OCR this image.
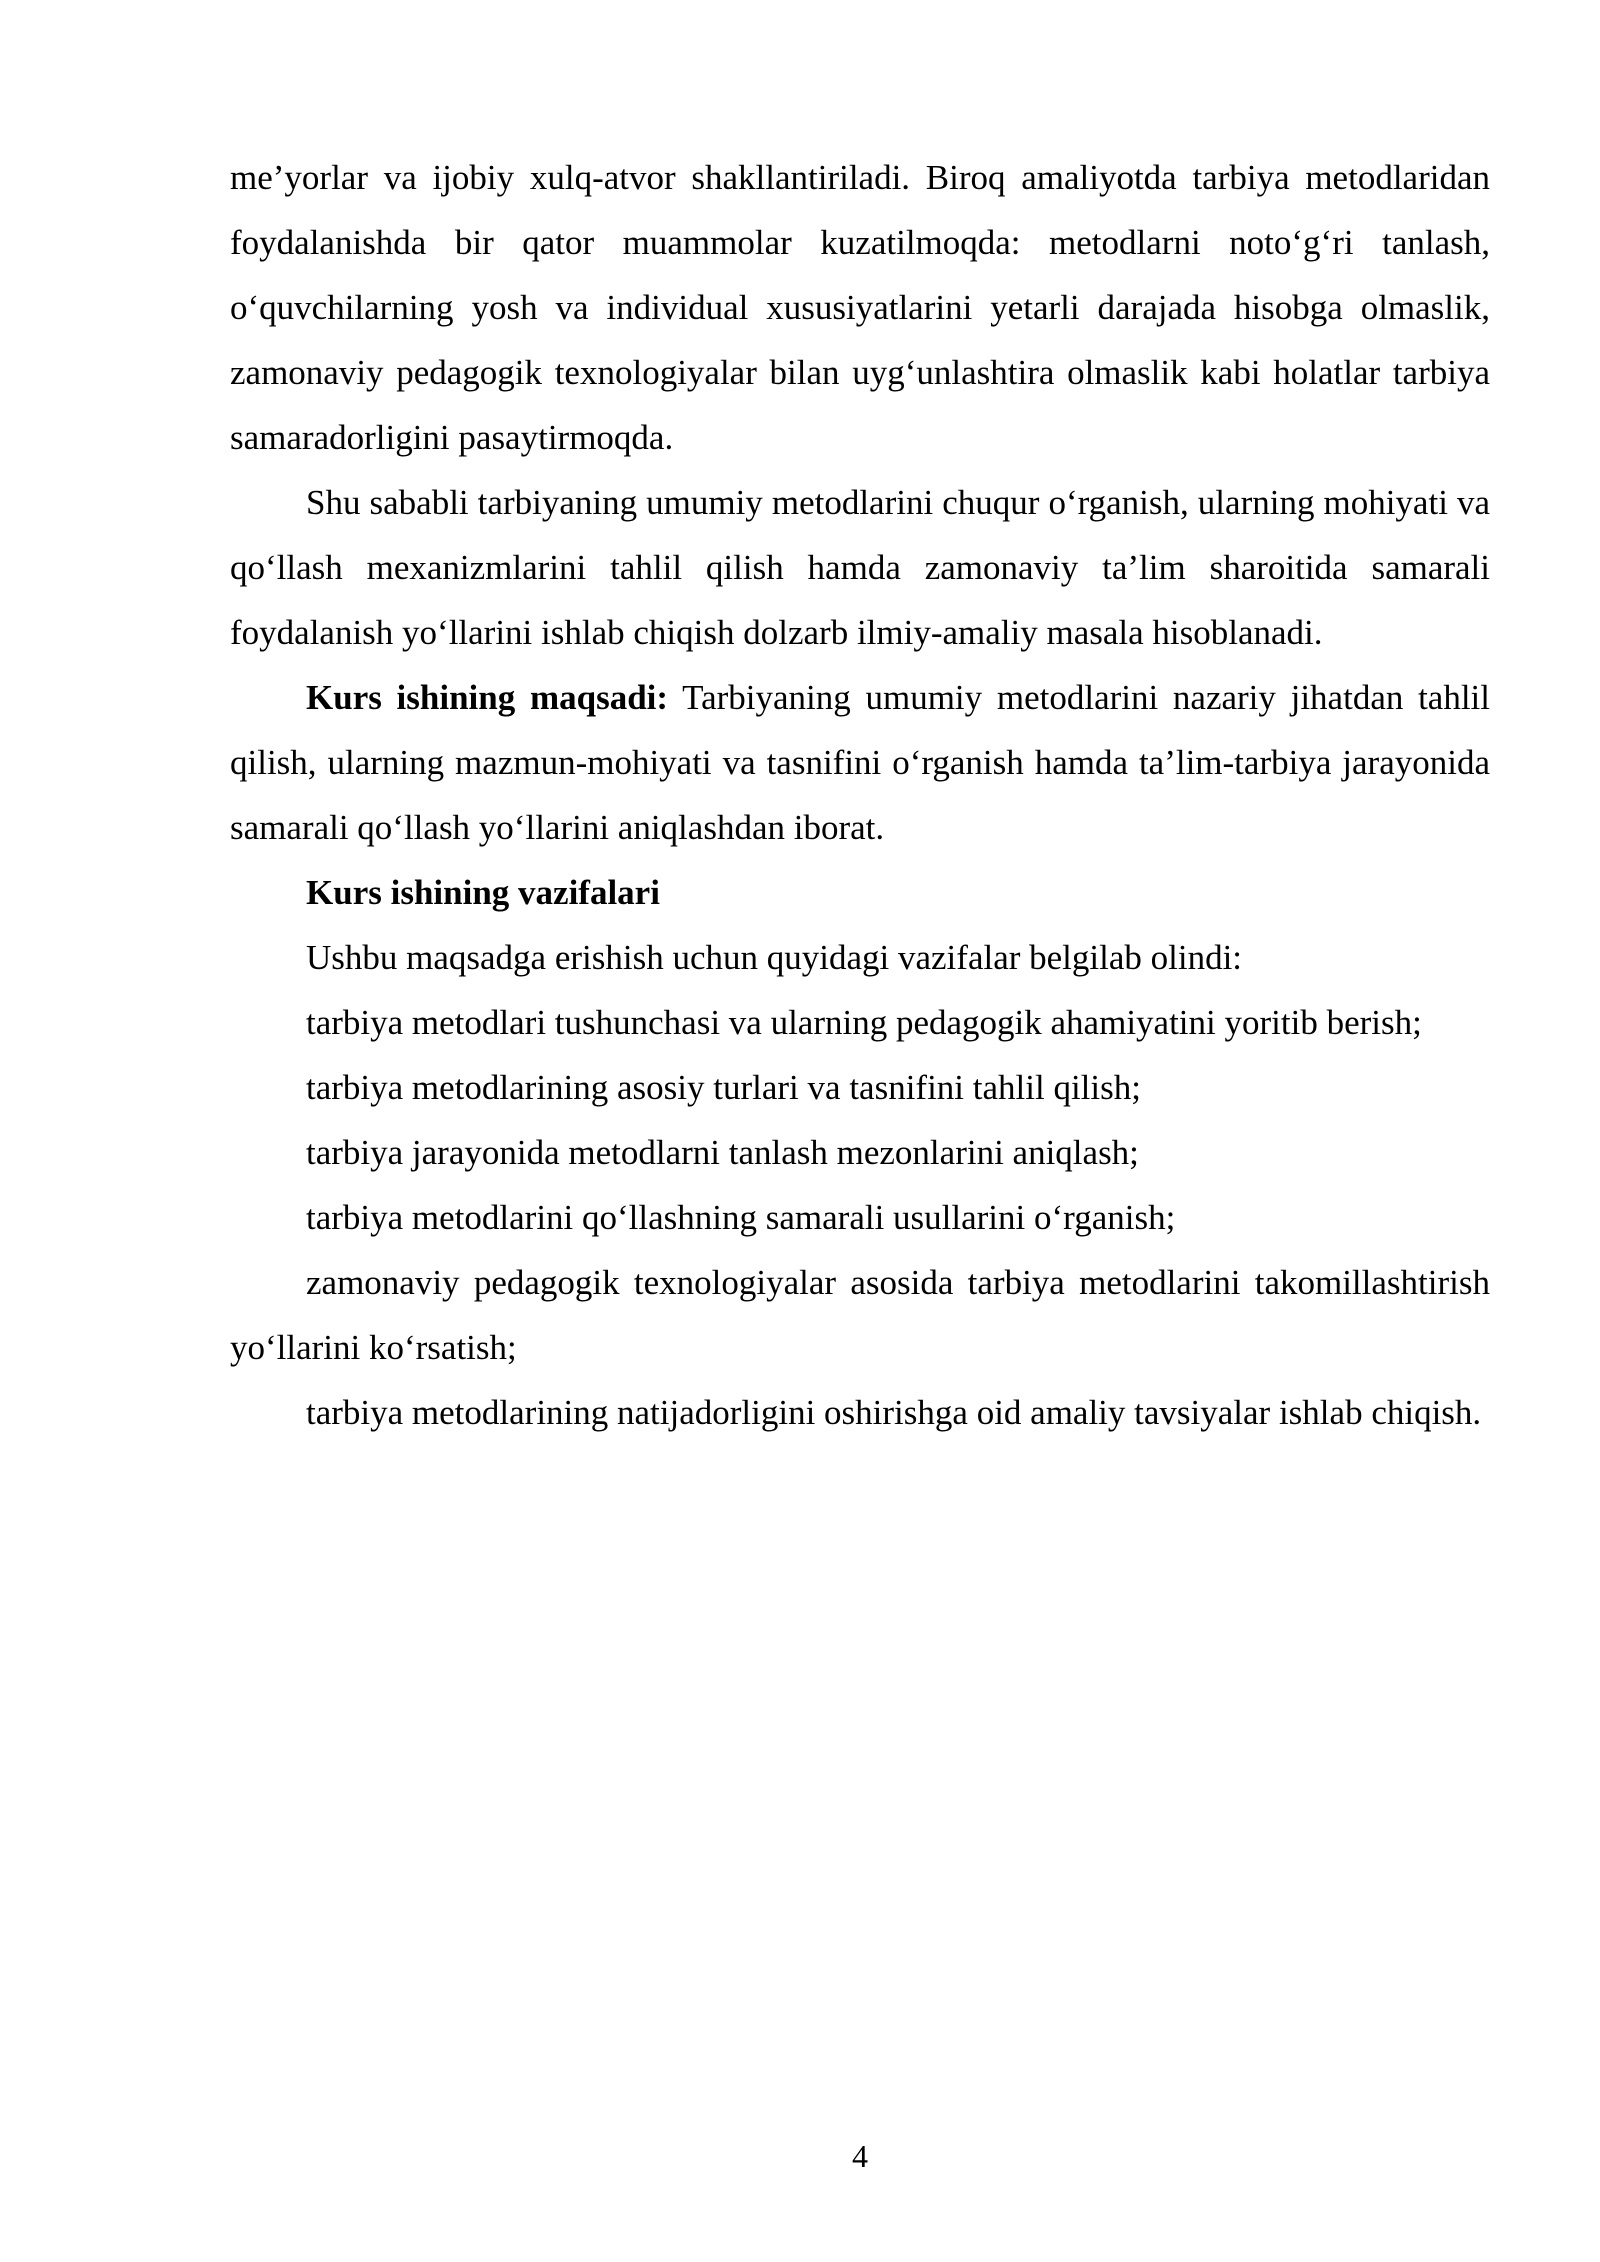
me’yorlar va ijobiy xulq-atvor shakllantiriladi. Biroq amaliyotda tarbiya metodlaridan foydalanishda bir qator muammolar kuzatilmoqda: metodlarni noto‘g‘ri tanlash, o‘quvchilarning yosh va individual xususiyatlarini yetarli darajada hisobga olmaslik, zamonaviy pedagogik texnologiyalar bilan uyg‘unlashtira olmaslik kabi holatlar tarbiya samaradorligini pasaytirmoqda.

Shu sababli tarbiyaning umumiy metodlarini chuqur o‘rganish, ularning mohiyati va qo‘llash mexanizmlarini tahlil qilish hamda zamonaviy ta’lim sharoitida samarali foydalanish yo‘llarini ishlab chiqish dolzarb ilmiy-amaliy masala hisoblanadi.

Kurs ishining maqsadi: Tarbiyaning umumiy metodlarini nazariy jihatdan tahlil qilish, ularning mazmun-mohiyati va tasnifini o‘rganish hamda ta’lim-tarbiya jarayonida samarali qo‘llash yo‘llarini aniqlashdan iborat.

Kurs ishining vazifalari

Ushbu maqsadga erishish uchun quyidagi vazifalar belgilab olindi:

tarbiya metodlari tushunchasi va ularning pedagogik ahamiyatini yoritib berish;

tarbiya metodlarining asosiy turlari va tasnifini tahlil qilish;

tarbiya jarayonida metodlarni tanlash mezonlarini aniqlash;

tarbiya metodlarini qo‘llashning samarali usullarini o‘rganish;

zamonaviy pedagogik texnologiyalar asosida tarbiya metodlarini takomillashtirish yo‘llarini ko‘rsatish;

tarbiya metodlarining natijadorligini oshirishga oid amaliy tavsiyalar ishlab chiqish.

4
